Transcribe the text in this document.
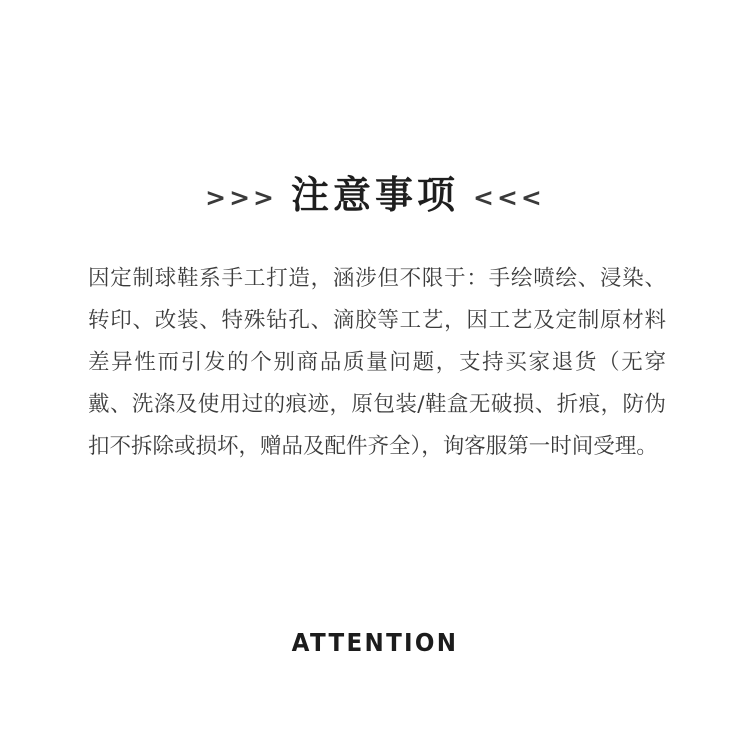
>>> 注意事项 <<<

因定制球鞋系手工打造，涵涉但不限于：手绘喷绘、浸染、转印、改装、特殊钻孔、滴胶等工艺，因工艺及定制原材料差异性而引发的个别商品质量问题，支持买家退货（无穿戴、洗涤及使用过的痕迹，原包装/鞋盒无破损、折痕，防伪扣不拆除或损坏，赠品及配件齐全），询客服第一时间受理。

ATTENTION
